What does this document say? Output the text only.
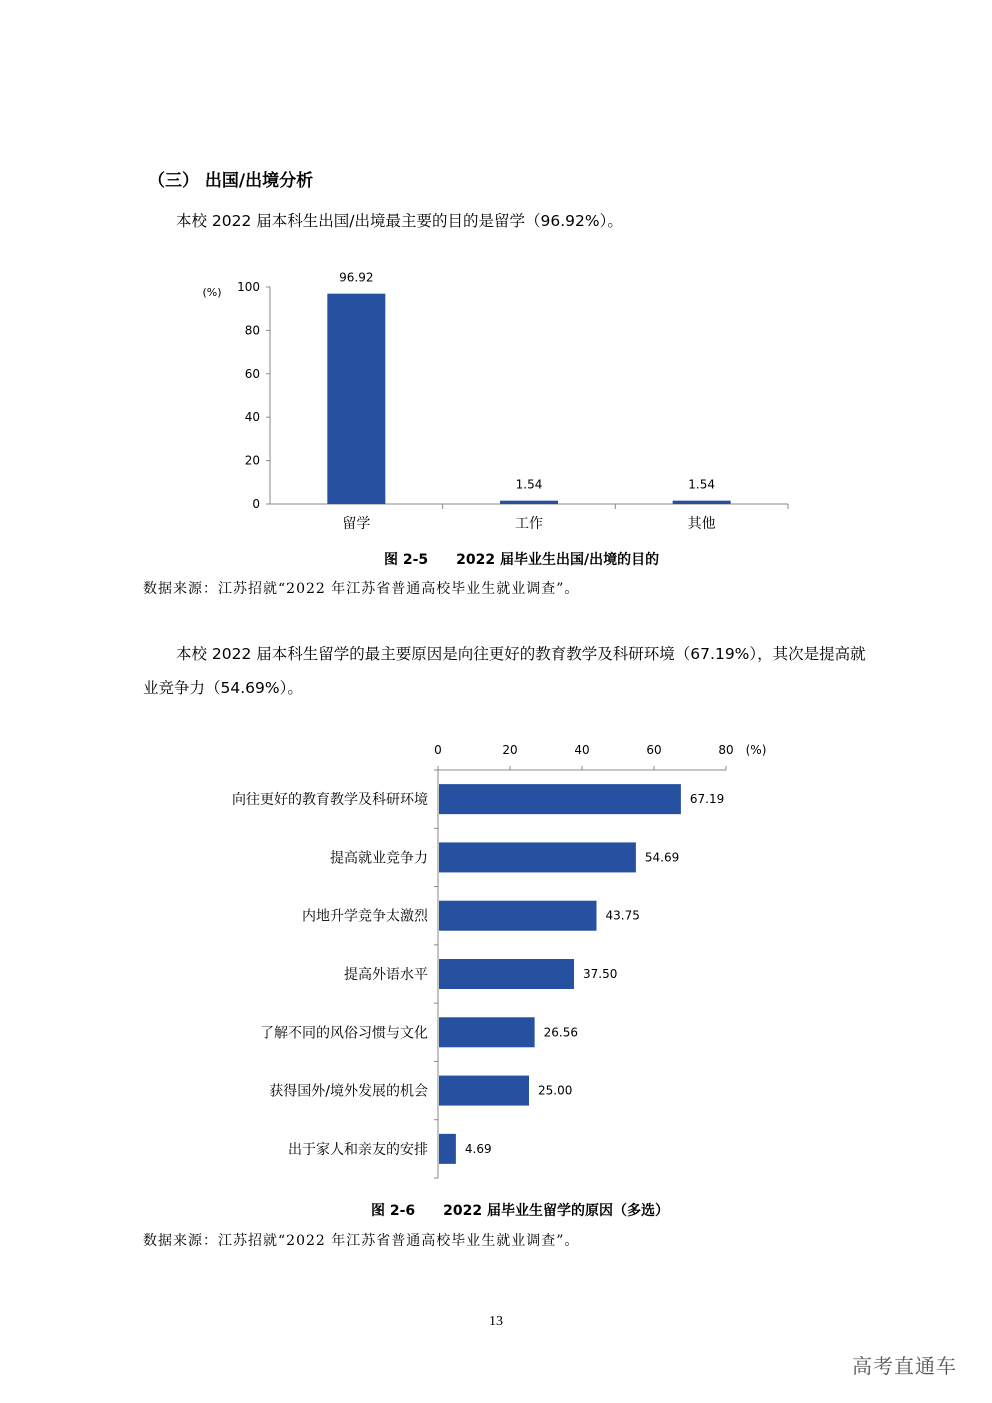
（三） 出国/出境分析
本校 2022 届本科生出国/出境最主要的目的是留学（96.92%）。
(%)
0
20
40
60
80
100
96.92
留学
1.54
工作
1.54
其他
0	20	40	60	80 (%)
67.19
向往更好的教育教学及科研环境
54.69
提高就业竞争力
43.75
内地升学竞争太激烈
37.50
提高外语水平
26.56
了解不同的风俗习惯与文化
25.00
获得国外/境外发展的机会
4.69
出于家人和亲友的安排
图 2-5　　2022 届毕业生出国/出境的目的
数据来源：江苏招就“2022 年江苏省普通高校毕业生就业调查”。
本校 2022 届本科生留学的最主要原因是向往更好的教育教学及科研环境（67.19%），其次是提高就业竞争力（54.69%）。
图 2-6　　2022 届毕业生留学的原因（多选）
数据来源：江苏招就“2022 年江苏省普通高校毕业生就业调查”。
13
高考直通车
